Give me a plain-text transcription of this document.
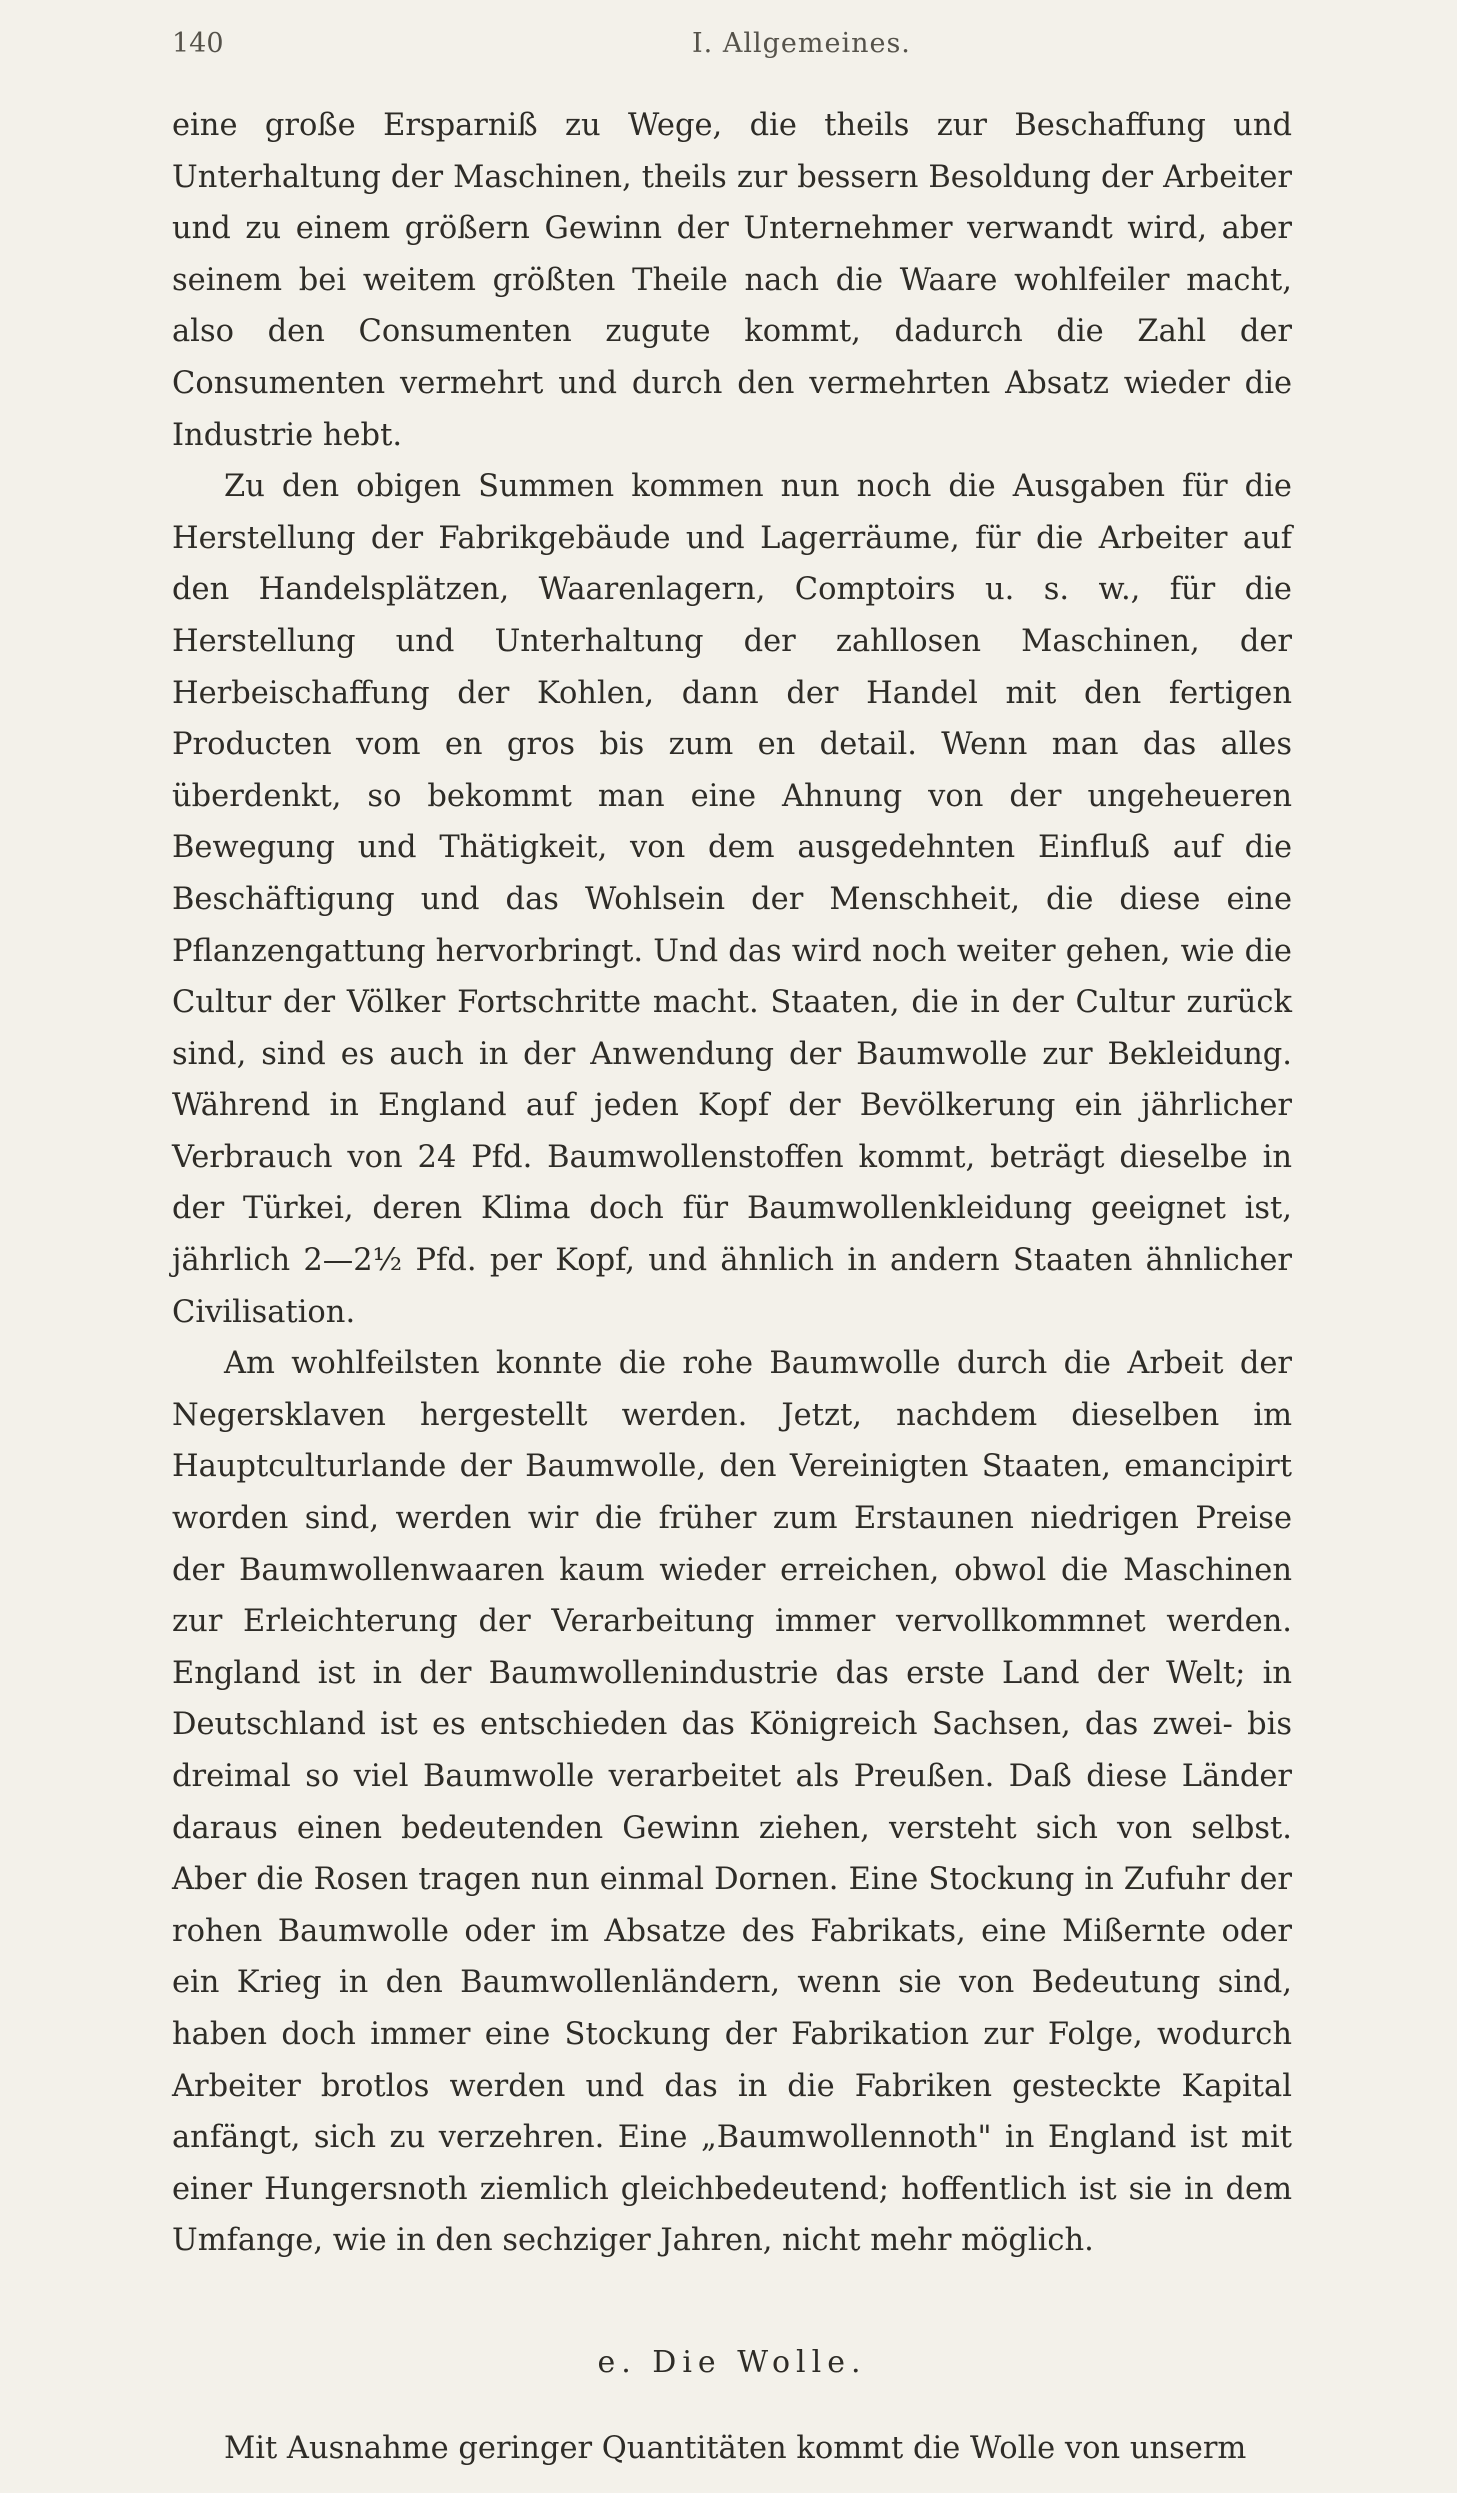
140	I. Allgemeines.

eine große Ersparniß zu Wege, die theils zur Beschaffung und Unterhaltung der Maschinen, theils zur bessern Besoldung der Arbeiter und zu einem größern Gewinn der Unternehmer verwandt wird, aber seinem bei weitem größten Theile nach die Waare wohlfeiler macht, also den Consumenten zugute kommt, dadurch die Zahl der Consumenten vermehrt und durch den vermehrten Absatz wieder die Industrie hebt.

Zu den obigen Summen kommen nun noch die Ausgaben für die Herstellung der Fabrikgebäude und Lagerräume, für die Arbeiter auf den Handelsplätzen, Waarenlagern, Comptoirs u. s. w., für die Herstellung und Unterhaltung der zahllosen Maschinen, der Herbeischaffung der Kohlen, dann der Handel mit den fertigen Producten vom en gros bis zum en detail. Wenn man das alles überdenkt, so bekommt man eine Ahnung von der ungeheueren Bewegung und Thätigkeit, von dem ausgedehnten Einfluß auf die Beschäftigung und das Wohlsein der Menschheit, die diese eine Pflanzengattung hervorbringt. Und das wird noch weiter gehen, wie die Cultur der Völker Fortschritte macht. Staaten, die in der Cultur zurück sind, sind es auch in der Anwendung der Baumwolle zur Bekleidung. Während in England auf jeden Kopf der Bevölkerung ein jährlicher Verbrauch von 24 Pfd. Baumwollenstoffen kommt, beträgt dieselbe in der Türkei, deren Klima doch für Baumwollenkleidung geeignet ist, jährlich 2—2½ Pfd. per Kopf, und ähnlich in andern Staaten ähnlicher Civilisation.

Am wohlfeilsten konnte die rohe Baumwolle durch die Arbeit der Negersklaven hergestellt werden. Jetzt, nachdem dieselben im Hauptculturlande der Baumwolle, den Vereinigten Staaten, emancipirt worden sind, werden wir die früher zum Erstaunen niedrigen Preise der Baumwollenwaaren kaum wieder erreichen, obwol die Maschinen zur Erleichterung der Verarbeitung immer vervollkommnet werden. England ist in der Baumwollenindustrie das erste Land der Welt; in Deutschland ist es entschieden das Königreich Sachsen, das zwei- bis dreimal so viel Baumwolle verarbeitet als Preußen. Daß diese Länder daraus einen bedeutenden Gewinn ziehen, versteht sich von selbst. Aber die Rosen tragen nun einmal Dornen. Eine Stockung in Zufuhr der rohen Baumwolle oder im Absatze des Fabrikats, eine Mißernte oder ein Krieg in den Baumwollenländern, wenn sie von Bedeutung sind, haben doch immer eine Stockung der Fabrikation zur Folge, wodurch Arbeiter brotlos werden und das in die Fabriken gesteckte Kapital anfängt, sich zu verzehren. Eine „Baumwollennoth" in England ist mit einer Hungersnoth ziemlich gleichbedeutend; hoffentlich ist sie in dem Umfange, wie in den sechziger Jahren, nicht mehr möglich.

e. Die Wolle.

Mit Ausnahme geringer Quantitäten kommt die Wolle von unserm
